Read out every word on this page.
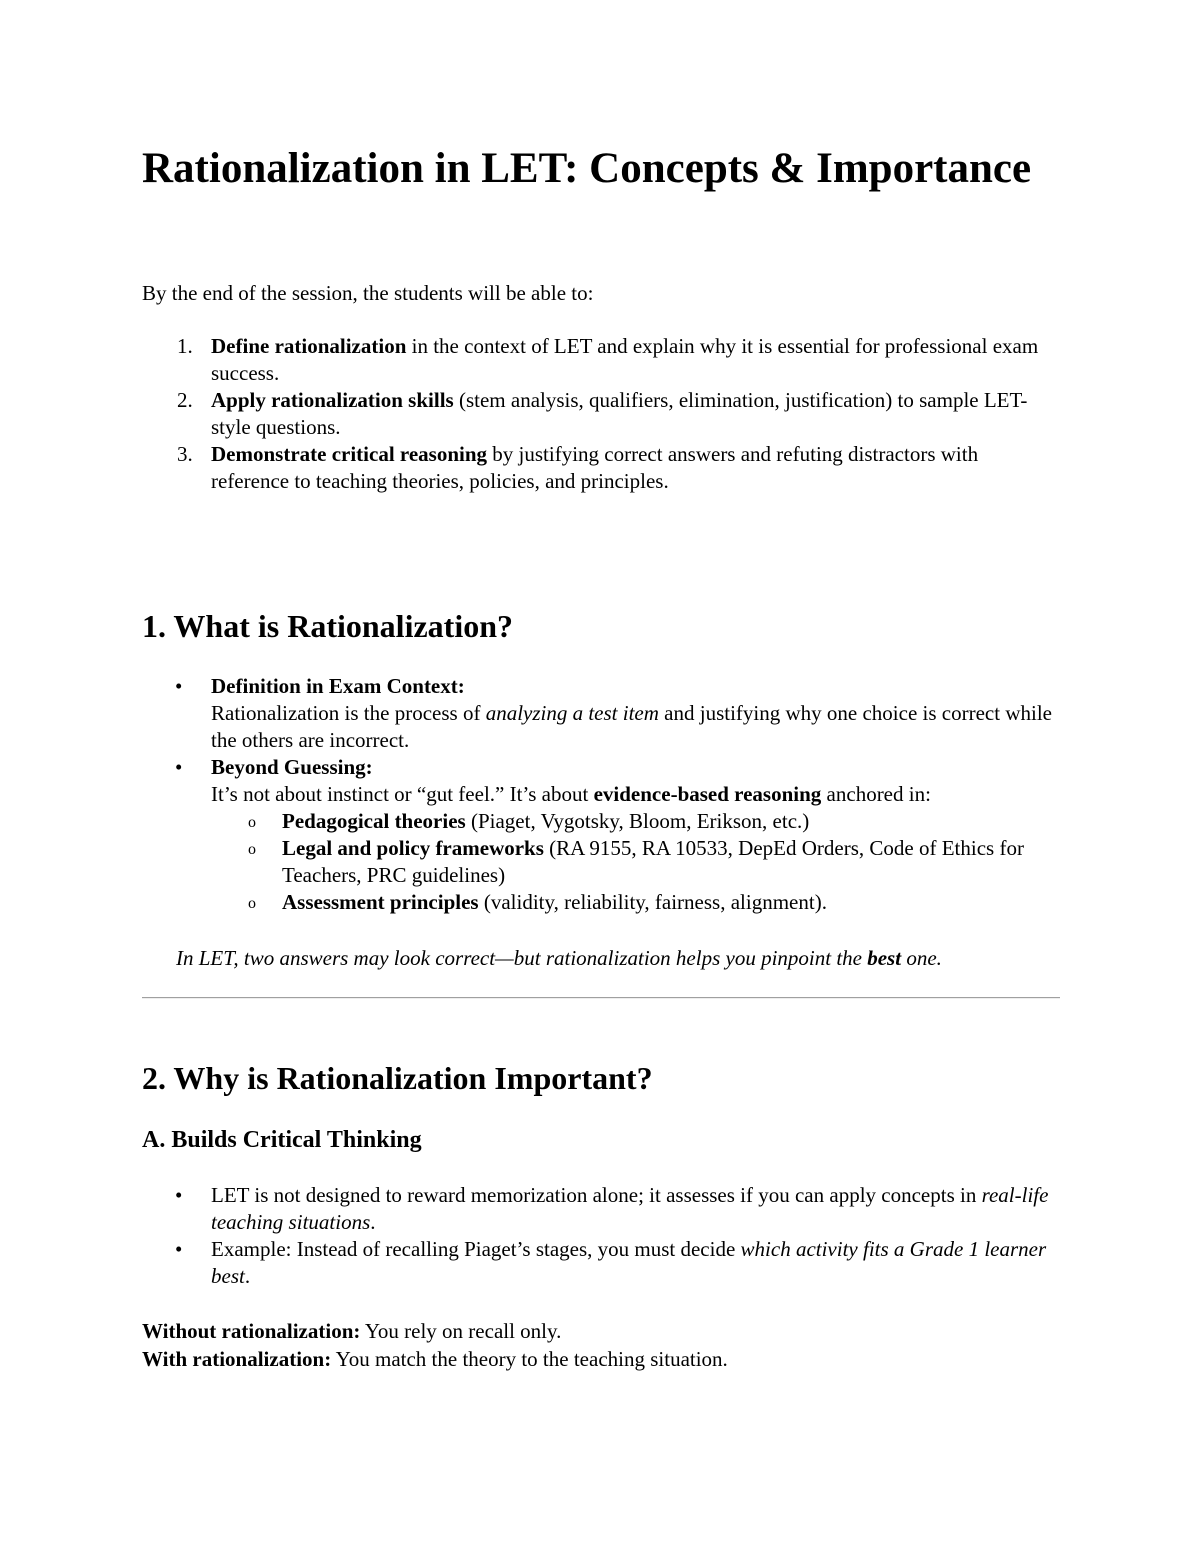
Rationalization in LET: Concepts & Importance

By the end of the session, the students will be able to:

1. Define rationalization in the context of LET and explain why it is essential for professional exam success.
2. Apply rationalization skills (stem analysis, qualifiers, elimination, justification) to sample LET-style questions.
3. Demonstrate critical reasoning by justifying correct answers and refuting distractors with reference to teaching theories, policies, and principles.
1. What is Rationalization?
• Definition in Exam Context:
Rationalization is the process of analyzing a test item and justifying why one choice is correct while the others are incorrect.
• Beyond Guessing:
It’s not about instinct or “gut feel.” It’s about evidence-based reasoning anchored in:
o Pedagogical theories (Piaget, Vygotsky, Bloom, Erikson, etc.)
o Legal and policy frameworks (RA 9155, RA 10533, DepEd Orders, Code of Ethics for Teachers, PRC guidelines)
o Assessment principles (validity, reliability, fairness, alignment).

In LET, two answers may look correct—but rationalization helps you pinpoint the best one.

2. Why is Rationalization Important?
A. Builds Critical Thinking
• LET is not designed to reward memorization alone; it assesses if you can apply concepts in real-life teaching situations.
• Example: Instead of recalling Piaget’s stages, you must decide which activity fits a Grade 1 learner best.

Without rationalization: You rely on recall only.

With rationalization: You match the theory to the teaching situation.
